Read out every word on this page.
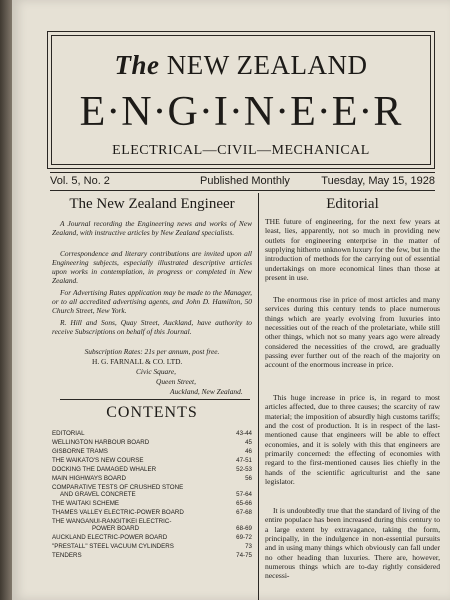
The NEW ZEALAND
E·N·G·I·N·E·E·R
ELECTRICAL—CIVIL—MECHANICAL
Vol. 5, No. 2	Published Monthly	Tuesday, May 15, 1928
The New Zealand Engineer
A Journal recording the Engineering news and works of New Zealand, with instructive articles by New Zealand specialists.
Correspondence and literary contributions are invited upon all Engineering subjects, especially illustrated descriptive articles upon works in contemplation, in progress or completed in New Zealand.
For Advertising Rates application may be made to the Manager, or to all accredited advertising agents, and John D. Hamilton, 50 Church Street, New York.
R. Hill and Sons, Quay Street, Auckland, have authority to receive Subscriptions on behalf of this Journal.
Subscription Rates: 21s per annum, post free.
H. G. FARNALL & CO. LTD.
Civic Square,
Queen Street,
Auckland, New Zealand.
CONTENTS
EDITORIAL	43-44
WELLINGTON HARBOUR BOARD	45
GISBORNE TRAMS	46
THE WAIKATO'S NEW COURSE	47-51
DOCKING THE DAMAGED WHALER	52-53
MAIN HIGHWAYS BOARD	56
COMPARATIVE TESTS OF CRUSHED STONE
AND GRAVEL CONCRETE	57-64
THE WAITAKI SCHEME	65-66
THAMES VALLEY ELECTRIC-POWER BOARD	67-68
THE WANGANUI-RANGITIKEI ELECTRIC-
POWER BOARD	68-69
AUCKLAND ELECTRIC-POWER BOARD	69-72
"PRESTALL" STEEL VACUUM CYLINDERS	73
TENDERS	74-75
Editorial
THE future of engineering, for the next few years at least, lies, apparently, not so much in providing new outlets for engineering enterprise in the matter of supplying hitherto unknown luxury for the few, but in the introduction of methods for the carrying out of essential undertakings on more economical lines than those at present in use.
The enormous rise in price of most articles and many services during this century tends to place numerous things which are yearly evolving from luxuries into necessities out of the reach of the proletariate, while still other things, which not so many years ago were already considered the necessities of the crowd, are gradually passing ever further out of the reach of the majority on account of the enormous increase in price.
This huge increase in price is, in regard to most articles affected, due to three causes; the scarcity of raw material; the imposition of absurdly high customs tariffs; and the cost of production. It is in respect of the last-mentioned cause that engineers will be able to effect economies, and it is solely with this that engineers are primarily concerned: the effecting of economies with regard to the first-mentioned causes lies chiefly in the hands of the scientific agriculturist and the sane legislator.
It is undoubtedly true that the standard of living of the entire populace has been increased during this century to a large extent by extravagance, taking the form, principally, in the indulgence in non-essential pursuits and in using many things which obviously can fall under no other heading than luxuries. There are, however, numerous things which are to-day rightly considered necessi-
